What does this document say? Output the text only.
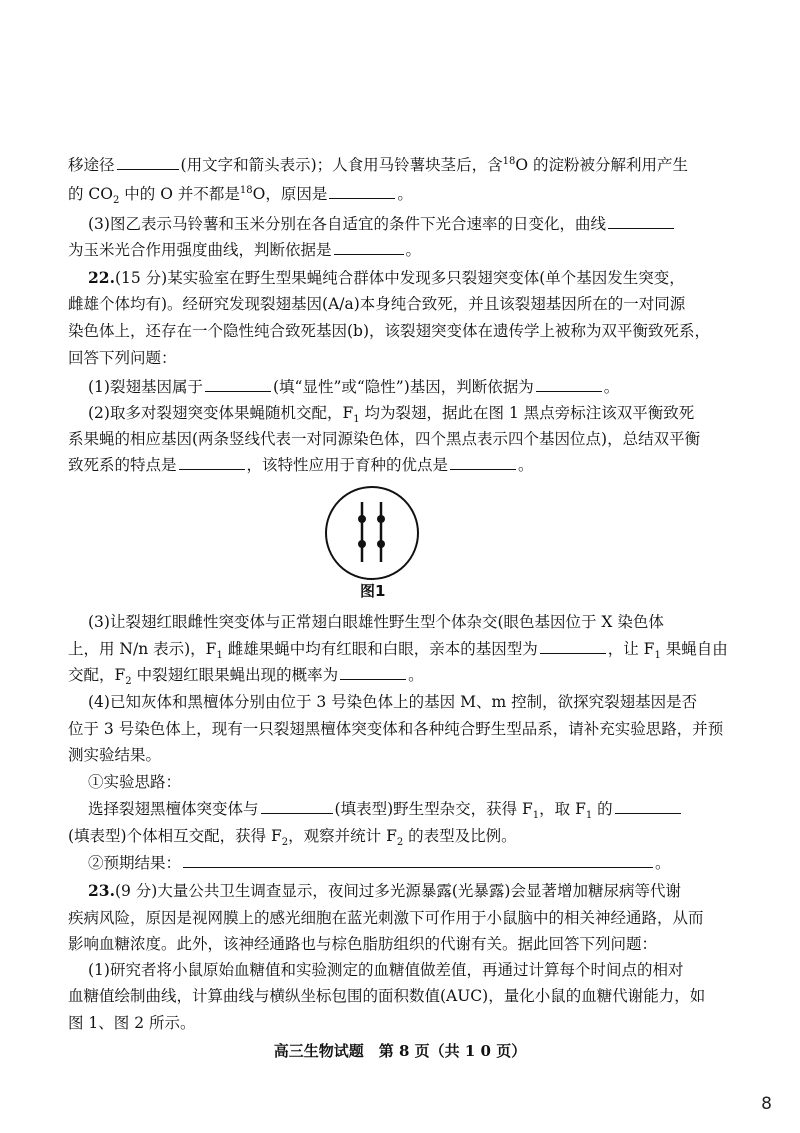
移途径	(用文字和箭头表示)；人食用马铃薯块茎后，含$^{18}$O 的淀粉被分解利用产生
的 $CO_2$ 中的 O 并不都是$^{18}$O，原因是	。
(3)图乙表示马铃薯和玉米分别在各自适宜的条件下光合速率的日变化，曲线
为玉米光合作用强度曲线，判断依据是	。
22.(15 分)某实验室在野生型果蝇纯合群体中发现多只裂翅突变体(单个基因发生突变，
雌雄个体均有)。经研究发现裂翅基因(A/a)本身纯合致死，并且该裂翅基因所在的一对同源
染色体上，还存在一个隐性纯合致死基因(b)，该裂翅突变体在遗传学上被称为双平衡致死系，
回答下列问题：
(1)裂翅基因属于	(填“显性”或“隐性”)基因，判断依据为	。
(2)取多对裂翅突变体果蝇随机交配，$F_1$ 均为裂翅，据此在图 1 黑点旁标注该双平衡致死
系果蝇的相应基因(两条竖线代表一对同源染色体，四个黑点表示四个基因位点)，总结双平衡
致死系的特点是	，该特性应用于育种的优点是	。
图1
(3)让裂翅红眼雌性突变体与正常翅白眼雄性野生型个体杂交(眼色基因位于 X 染色体
上，用 N/n 表示)，$F_1$ 雌雄果蝇中均有红眼和白眼，亲本的基因型为	，让 $F_1$ 果蝇自由
交配，$F_2$ 中裂翅红眼果蝇出现的概率为	。
(4)已知灰体和黑檀体分别由位于 3 号染色体上的基因 M、m 控制，欲探究裂翅基因是否
位于 3 号染色体上，现有一只裂翅黑檀体突变体和各种纯合野生型品系，请补充实验思路，并预
测实验结果。
①实验思路：
选择裂翅黑檀体突变体与	(填表型)野生型杂交，获得 $F_1$，取 $F_1$ 的
(填表型)个体相互交配，获得 $F_2$，观察并统计 $F_2$ 的表型及比例。
②预期结果：	。
23.(9 分)大量公共卫生调查显示，夜间过多光源暴露(光暴露)会显著增加糖尿病等代谢
疾病风险，原因是视网膜上的感光细胞在蓝光刺激下可作用于小鼠脑中的相关神经通路，从而
影响血糖浓度。此外，该神经通路也与棕色脂肪组织的代谢有关。据此回答下列问题：
(1)研究者将小鼠原始血糖值和实验测定的血糖值做差值，再通过计算每个时间点的相对
血糖值绘制曲线，计算曲线与横纵坐标包围的面积数值(AUC)，量化小鼠的血糖代谢能力，如
图 1、图 2 所示。
高三生物试题　第 8 页（共 1 0 页）
8
